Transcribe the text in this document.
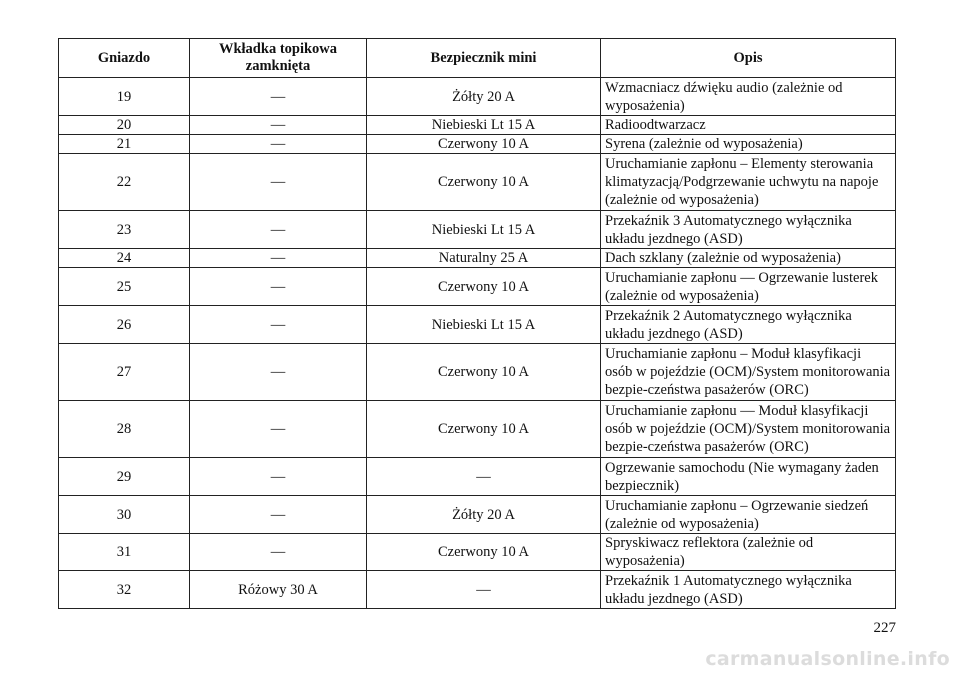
Gniazdo	Wkładka topikowa zamknięta	Bezpiecznik mini	Opis
19	—	Żółty 20 A	Wzmacniacz dźwięku audio (zależnie od wyposażenia)
20	—	Niebieski Lt 15 A	Radioodtwarzacz
21	—	Czerwony 10 A	Syrena (zależnie od wyposażenia)
22	—	Czerwony 10 A	Uruchamianie zapłonu – Elementy sterowania klimatyzacją/Podgrzewanie uchwytu na napoje (zależnie od wyposażenia)
23	—	Niebieski Lt 15 A	Przekaźnik 3 Automatycznego wyłącznika układu jezdnego (ASD)
24	—	Naturalny 25 A	Dach szklany (zależnie od wyposażenia)
25	—	Czerwony 10 A	Uruchamianie zapłonu — Ogrzewanie lusterek (zależnie od wyposażenia)
26	—	Niebieski Lt 15 A	Przekaźnik 2 Automatycznego wyłącznika układu jezdnego (ASD)
27	—	Czerwony 10 A	Uruchamianie zapłonu – Moduł klasyfikacji osób w pojeździe (OCM)/System monitorowania bezpie-czeństwa pasażerów (ORC)
28	—	Czerwony 10 A	Uruchamianie zapłonu — Moduł klasyfikacji osób w pojeździe (OCM)/System monitorowania bezpie-czeństwa pasażerów (ORC)
29	—	—	Ogrzewanie samochodu (Nie wymagany żaden bezpiecznik)
30	—	Żółty 20 A	Uruchamianie zapłonu – Ogrzewanie siedzeń (zależnie od wyposażenia)
31	—	Czerwony 10 A	Spryskiwacz reflektora (zależnie od wyposażenia)
32	Różowy 30 A	—	Przekaźnik 1 Automatycznego wyłącznika układu jezdnego (ASD)
227
carmanualsonline.info
